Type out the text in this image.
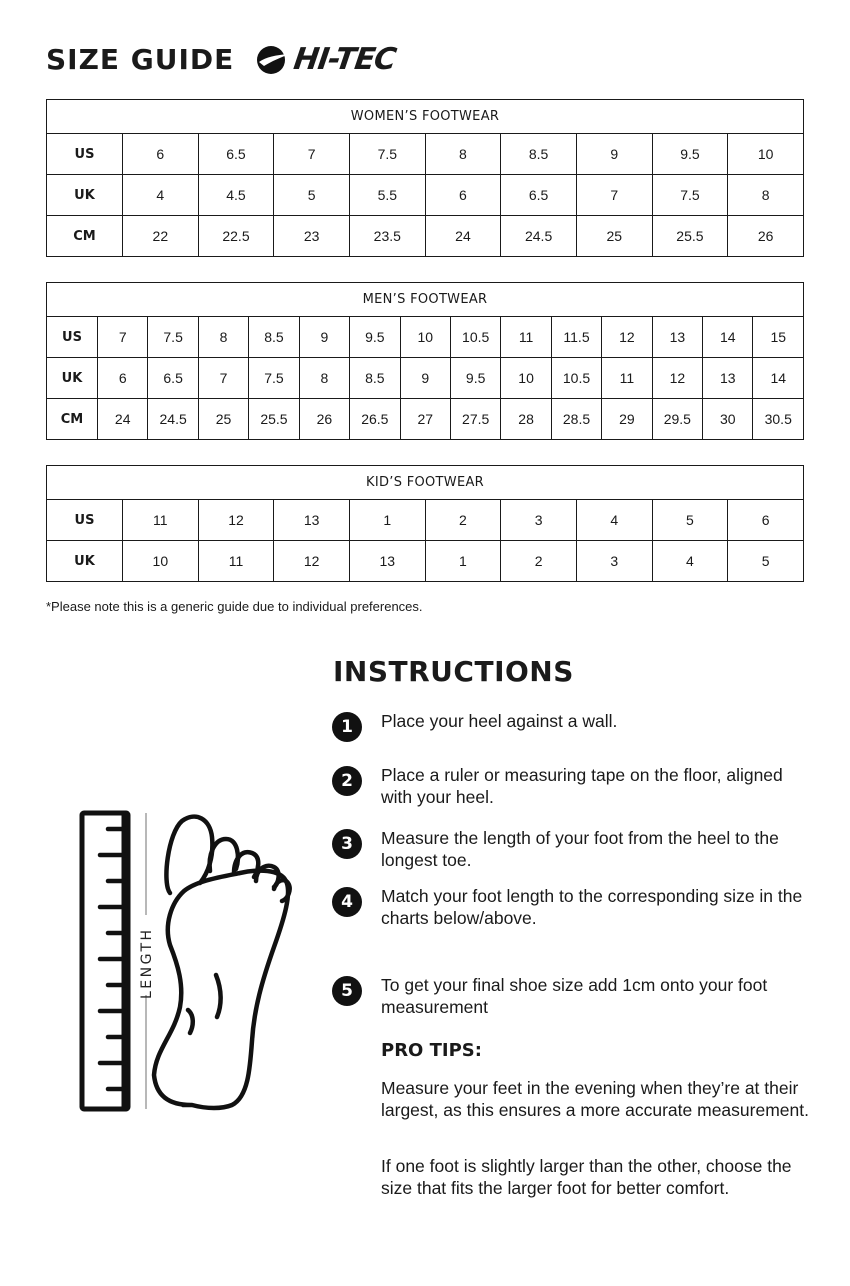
SIZE GUIDE HI-TEC
WOMEN’S FOOTWEAR									
US	6	6.5	7	7.5	8	8.5	9	9.5	10
UK	4	4.5	5	5.5	6	6.5	7	7.5	8
CM	22	22.5	23	23.5	24	24.5	25	25.5	26
MEN’S FOOTWEAR														
US	7	7.5	8	8.5	9	9.5	10	10.5	11	11.5	12	13	14	15
UK	6	6.5	7	7.5	8	8.5	9	9.5	10	10.5	11	12	13	14
CM	24	24.5	25	25.5	26	26.5	27	27.5	28	28.5	29	29.5	30	30.5
KID’S FOOTWEAR									
US	11	12	13	1	2	3	4	5	6
UK	10	11	12	13	1	2	3	4	5
*Please note this is a generic guide due to individual preferences.
INSTRUCTIONS
1	Place your heel against a wall.
2	Place a ruler or measuring tape on the floor, aligned with your heel.
3	Measure the length of your foot from the heel to the longest toe.
4	Match your foot length to the corresponding size in the charts below/above.
5	To get your final shoe size add 1cm onto your foot measurement
PRO TIPS:
Measure your feet in the evening when they’re at their largest, as this ensures a more accurate measurement.
If one foot is slightly larger than the other, choose the size that fits the larger foot for better comfort.
LENGTH
